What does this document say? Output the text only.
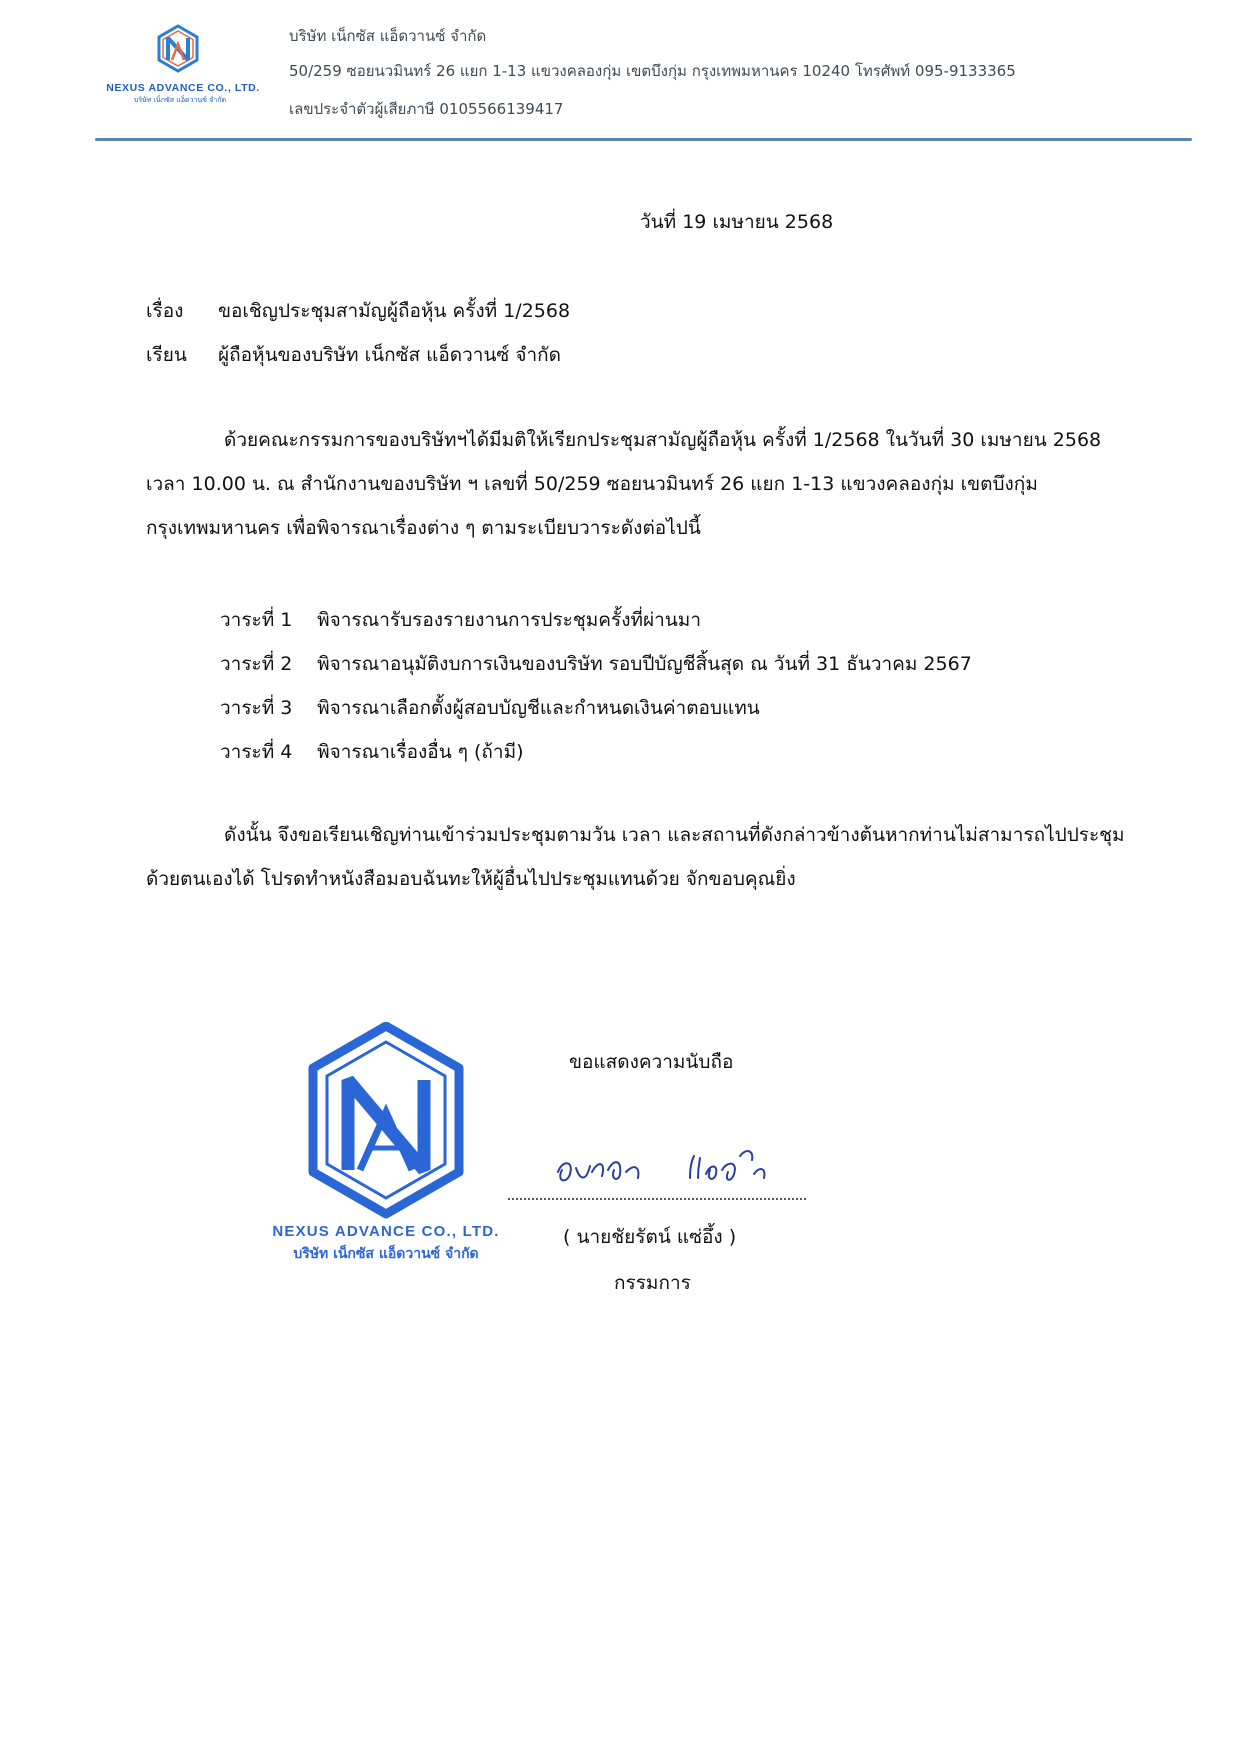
NEXUS ADVANCE CO., LTD.
บริษัท เน็กซัส แอ็ดวานซ์ จำกัด
บริษัท เน็กซัส แอ็ดวานซ์ จำกัด
50/259 ซอยนวมินทร์ 26 แยก 1-13 แขวงคลองกุ่ม เขตบึงกุ่ม กรุงเทพมหานคร 10240 โทรศัพท์ 095-9133365
เลขประจำตัวผู้เสียภาษี 0105566139417
วันที่ 19 เมษายน 2568
เรื่อง ขอเชิญประชุมสามัญผู้ถือหุ้น ครั้งที่ 1/2568
เรียน ผู้ถือหุ้นของบริษัท เน็กซัส แอ็ดวานซ์ จำกัด
ด้วยคณะกรรมการของบริษัทฯได้มีมติให้เรียกประชุมสามัญผู้ถือหุ้น ครั้งที่ 1/2568 ในวันที่ 30 เมษายน 2568
เวลา 10.00 น. ณ สำนักงานของบริษัท ฯ เลขที่ 50/259 ซอยนวมินทร์ 26 แยก 1-13 แขวงคลองกุ่ม เขตบึงกุ่ม
กรุงเทพมหานคร เพื่อพิจารณาเรื่องต่าง ๆ ตามระเบียบวาระดังต่อไปนี้
วาระที่ 1 พิจารณารับรองรายงานการประชุมครั้งที่ผ่านมา
วาระที่ 2 พิจารณาอนุมัติงบการเงินของบริษัท รอบปีบัญชีสิ้นสุด ณ วันที่ 31 ธันวาคม 2567
วาระที่ 3 พิจารณาเลือกตั้งผู้สอบบัญชีและกำหนดเงินค่าตอบแทน
วาระที่ 4 พิจารณาเรื่องอื่น ๆ (ถ้ามี)
ดังนั้น จึงขอเรียนเชิญท่านเข้าร่วมประชุมตามวัน เวลา และสถานที่ดังกล่าวข้างต้นหากท่านไม่สามารถไปประชุม
ด้วยตนเองได้ โปรดทำหนังสือมอบฉันทะให้ผู้อื่นไปประชุมแทนด้วย จักขอบคุณยิ่ง
ขอแสดงความนับถือ
NEXUS ADVANCE CO., LTD.
บริษัท เน็กซัส แอ็ดวานซ์ จำกัด
( นายชัยรัตน์ แซ่อึ้ง )
กรรมการ
